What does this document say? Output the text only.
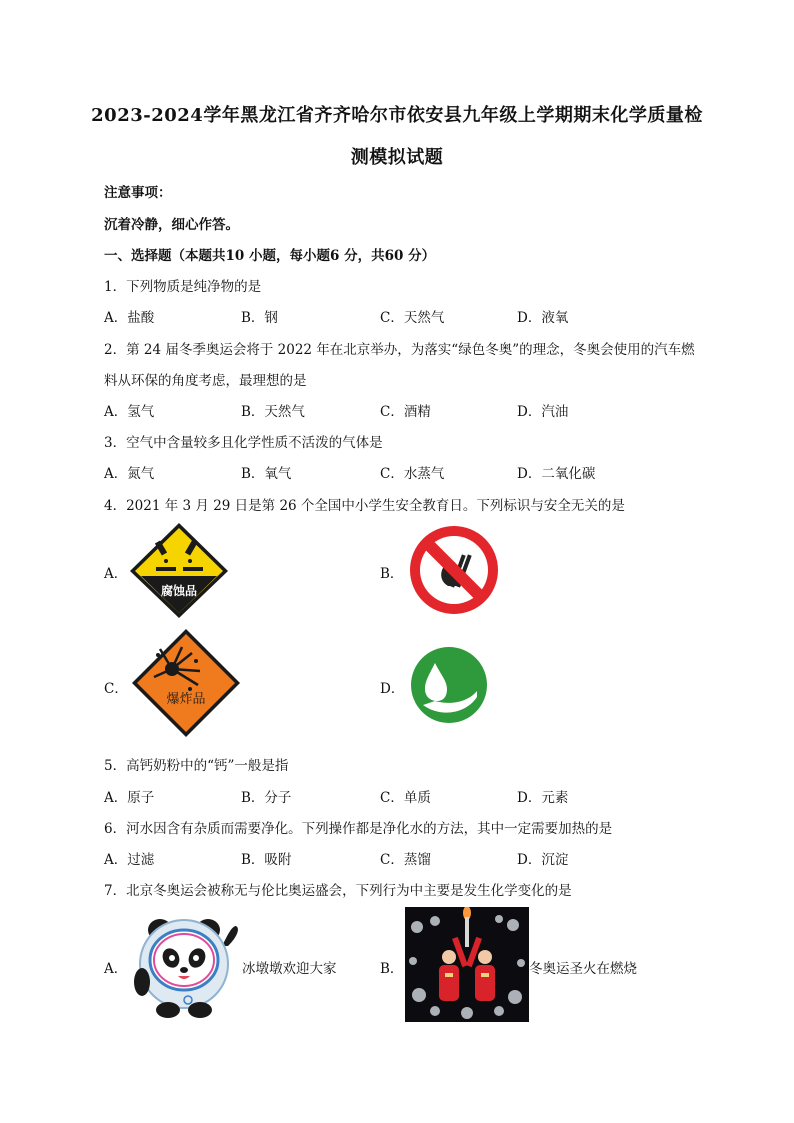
2023-2024学年黑龙江省齐齐哈尔市依安县九年级上学期期末化学质量检
测模拟试题
注意事项：
沉着冷静，细心作答。
一、选择题（本题共10 小题，每小题6 分，共60 分）
1．下列物质是纯净物的是
A．盐酸	B．钢	C．天然气	D．液氧
2．第 24 届冬季奥运会将于 2022 年在北京举办，为落实“绿色冬奥”的理念，冬奥会使用的汽车燃
料从环保的角度考虑，最理想的是
A．氢气	B．天然气	C．酒精	D．汽油
3．空气中含量较多且化学性质不活泼的气体是
A．氮气	B．氧气	C．水蒸气	D．二氧化碳
4．2021 年 3 月 29 日是第 26 个全国中小学生安全教育日。下列标识与安全无关的是
A．
腐蚀品
B．
C．
爆炸品
D．
5．高钙奶粉中的“钙”一般是指
A．原子	B．分子	C．单质	D．元素
6．河水因含有杂质而需要净化。下列操作都是净化水的方法，其中一定需要加热的是
A．过滤	B．吸附	C．蒸馏	D．沉淀
7．北京冬奥运会被称无与伦比奥运盛会，下列行为中主要是发生化学变化的是
A．	冰墩墩欢迎大家	B．	冬奥运圣火在燃烧
